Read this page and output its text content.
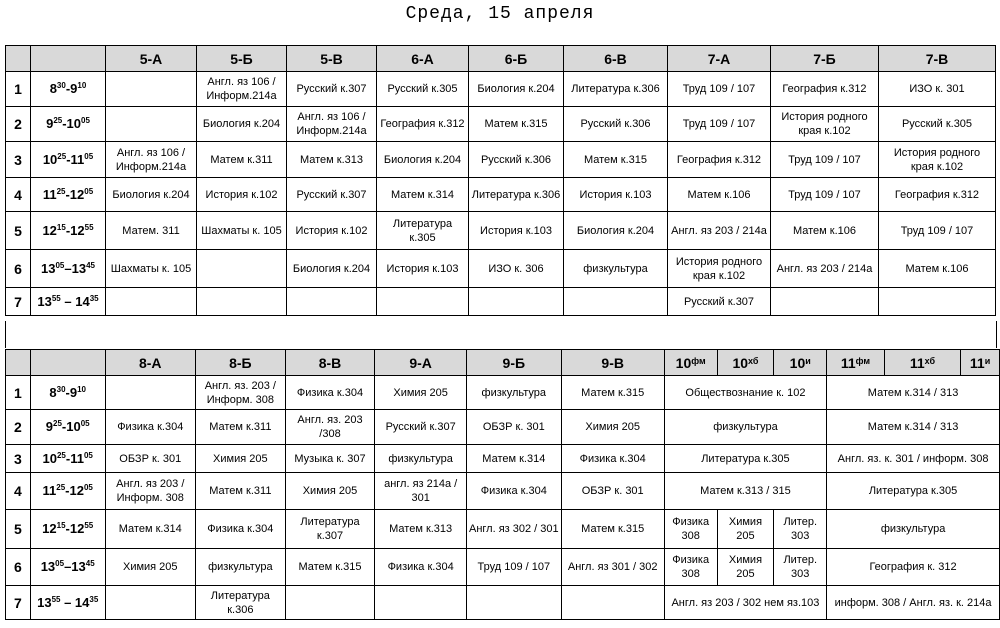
Среда, 15 апреля
		5-А	5-Б	5-В	6-А	6-Б	6-В	7-А	7-Б	7-В
1	$8^{30}-9^{10}$		Англ. яз 106 / Информ.214а	Русский к.307	Русский к.305	Биология к.204	Литература к.306	Труд 109 / 107	География к.312	ИЗО к. 301
2	$9^{25}-10^{05}$		Биология к.204	Англ. яз 106 / Информ.214а	География к.312	Матем к.315	Русский к.306	Труд 109 / 107	История родного края к.102	Русский к.305
3	$10^{25}-11^{05}$	Англ. яз 106 / Информ.214а	Матем к.311	Матем к.313	Биология к.204	Русский к.306	Матем к.315	География к.312	Труд 109 / 107	История родного края к.102
4	$11^{25}-12^{05}$	Биология к.204	История к.102	Русский к.307	Матем к.314	Литература к.306	История к.103	Матем к.106	Труд 109 / 107	География к.312
5	$12^{15}-12^{55}$	Матем. 311	Шахматы к. 105	История к.102	Литература к.305	История к.103	Биология к.204	Англ. яз 203 / 214а	Матем к.106	Труд 109 / 107
6	$13^{05}-13^{45}$	Шахматы к. 105		Биология к.204	История к.103	ИЗО к. 306	физкультура	История родного края к.102	Англ. яз 203 / 214а	Матем к.106
7	$13^{55} - 14^{35}$							Русский к.307		
		8-А	8-Б	8-В	9-А	9-Б	9-В	$10^{фм}$	$10^{хб}$	$10^и$	$11^{фм}$	$11^{хб}$	$11^и$
1	$8^{30}-9^{10}$		Англ. яз. 203 / Информ. 308	Физика к.304	Химия 205	физкультура	Матем к.315	Обществознание к. 102			Матем к.314 / 313		
2	$9^{25}-10^{05}$	Физика к.304	Матем к.311	Англ. яз. 203 /308	Русский к.307	ОБЗР к. 301	Химия 205	физкультура			Матем к.314 / 313		
3	$10^{25}-11^{05}$	ОБЗР к. 301	Химия 205	Музыка к. 307	физкультура	Матем к.314	Физика к.304	Литература к.305			Англ. яз. к. 301 / информ. 308		
4	$11^{25}-12^{05}$	Англ. яз 203 / Информ. 308	Матем к.311	Химия 205	англ. яз 214а / 301	Физика к.304	ОБЗР к. 301	Матем к.313 / 315			Литература к.305		
5	$12^{15}-12^{55}$	Матем к.314	Физика к.304	Литература к.307	Матем к.313	Англ. яз 302 / 301	Матем к.315	Физика 308	Химия 205	Литер. 303	физкультура		
6	$13^{05}-13^{45}$	Химия 205	физкультура	Матем к.315	Физика к.304	Труд 109 / 107	Англ. яз 301 / 302	Физика 308	Химия 205	Литер. 303	География к. 312		
7	$13^{55} - 14^{35}$		Литература к.306					Англ. яз 203 / 302 нем яз.103			информ. 308 / Англ. яз. к. 214а		
